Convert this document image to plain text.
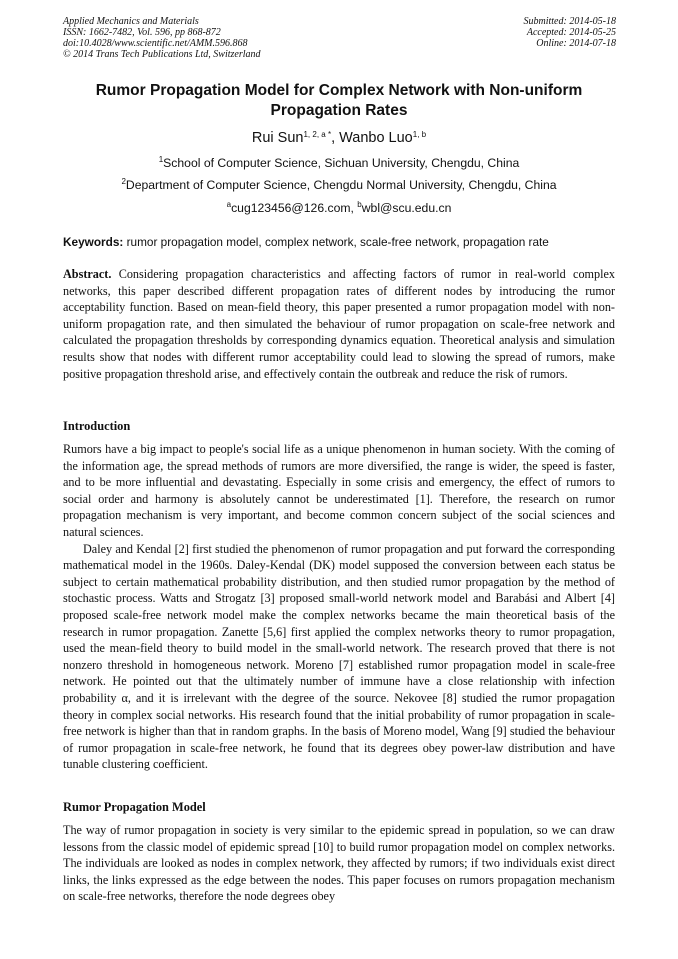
Applied Mechanics and Materials
ISSN: 1662-7482, Vol. 596, pp 868-872
doi:10.4028/www.scientific.net/AMM.596.868
© 2014 Trans Tech Publications Ltd, Switzerland
Submitted: 2014-05-18
Accepted: 2014-05-25
Online: 2014-07-18
Rumor Propagation Model for Complex Network with Non-uniform
Propagation Rates
Rui Sun$^{1, 2, a *}$, Wanbo Luo$^{1, b}$
$^1$School of Computer Science, Sichuan University, Chengdu, China
$^2$Department of Computer Science, Chengdu Normal University, Chengdu, China
$^a$cug123456@126.com, $^b$wbl@scu.edu.cn
Keywords: rumor propagation model, complex network, scale-free network, propagation rate

Abstract. Considering propagation characteristics and affecting factors of rumor in real-world complex networks, this paper described different propagation rates of different nodes by introducing the rumor acceptability function. Based on mean-field theory, this paper presented a rumor propagation model with non-uniform propagation rate, and then simulated the behaviour of rumor propagation on scale-free network and calculated the propagation thresholds by corresponding dynamics equation. Theoretical analysis and simulation results show that nodes with different rumor acceptability could lead to slowing the spread of rumors, make positive propagation threshold arise, and effectively contain the outbreak and reduce the risk of rumors.

Introduction

Rumors have a big impact to people's social life as a unique phenomenon in human society. With the coming of the information age, the spread methods of rumors are more diversified, the range is wider, the speed is faster, and to be more influential and devastating. Especially in some crisis and emergency, the effect of rumors to social order and harmony is absolutely cannot be underestimated [1]. Therefore, the research on rumor propagation mechanism is very important, and become common concern subject of the social sciences and natural sciences.

Daley and Kendal [2] first studied the phenomenon of rumor propagation and put forward the corresponding mathematical model in the 1960s. Daley-Kendal (DK) model supposed the conversion between each status be subject to certain mathematical probability distribution, and then studied rumor propagation by the method of stochastic process. Watts and Strogatz [3] proposed small-world network model and Barabási and Albert [4] proposed scale-free network model make the complex networks became the main theoretical basis of the research in rumor propagation. Zanette [5,6] first applied the complex networks theory to rumor propagation, used the mean-field theory to build model in the small-world network. The research proved that there is not nonzero threshold in homogeneous network. Moreno [7] established rumor propagation model in scale-free network. He pointed out that the ultimately number of immune have a close relationship with infection probability α, and it is irrelevant with the degree of the source. Nekovee [8] studied the rumor propagation theory in complex social networks. His research found that the initial probability of rumor propagation in scale-free network is higher than that in random graphs. In the basis of Moreno model, Wang [9] studied the behaviour of rumor propagation in scale-free network, he found that its degrees obey power-law distribution and have tunable clustering coefficient.

Rumor Propagation Model

The way of rumor propagation in society is very similar to the epidemic spread in population, so we can draw lessons from the classic model of epidemic spread [10] to build rumor propagation model on complex networks. The individuals are looked as nodes in complex network, they affected by rumors; if two individuals exist direct links, the links expressed as the edge between the nodes. This paper focuses on rumors propagation mechanism on scale-free networks, therefore the node degrees obey
